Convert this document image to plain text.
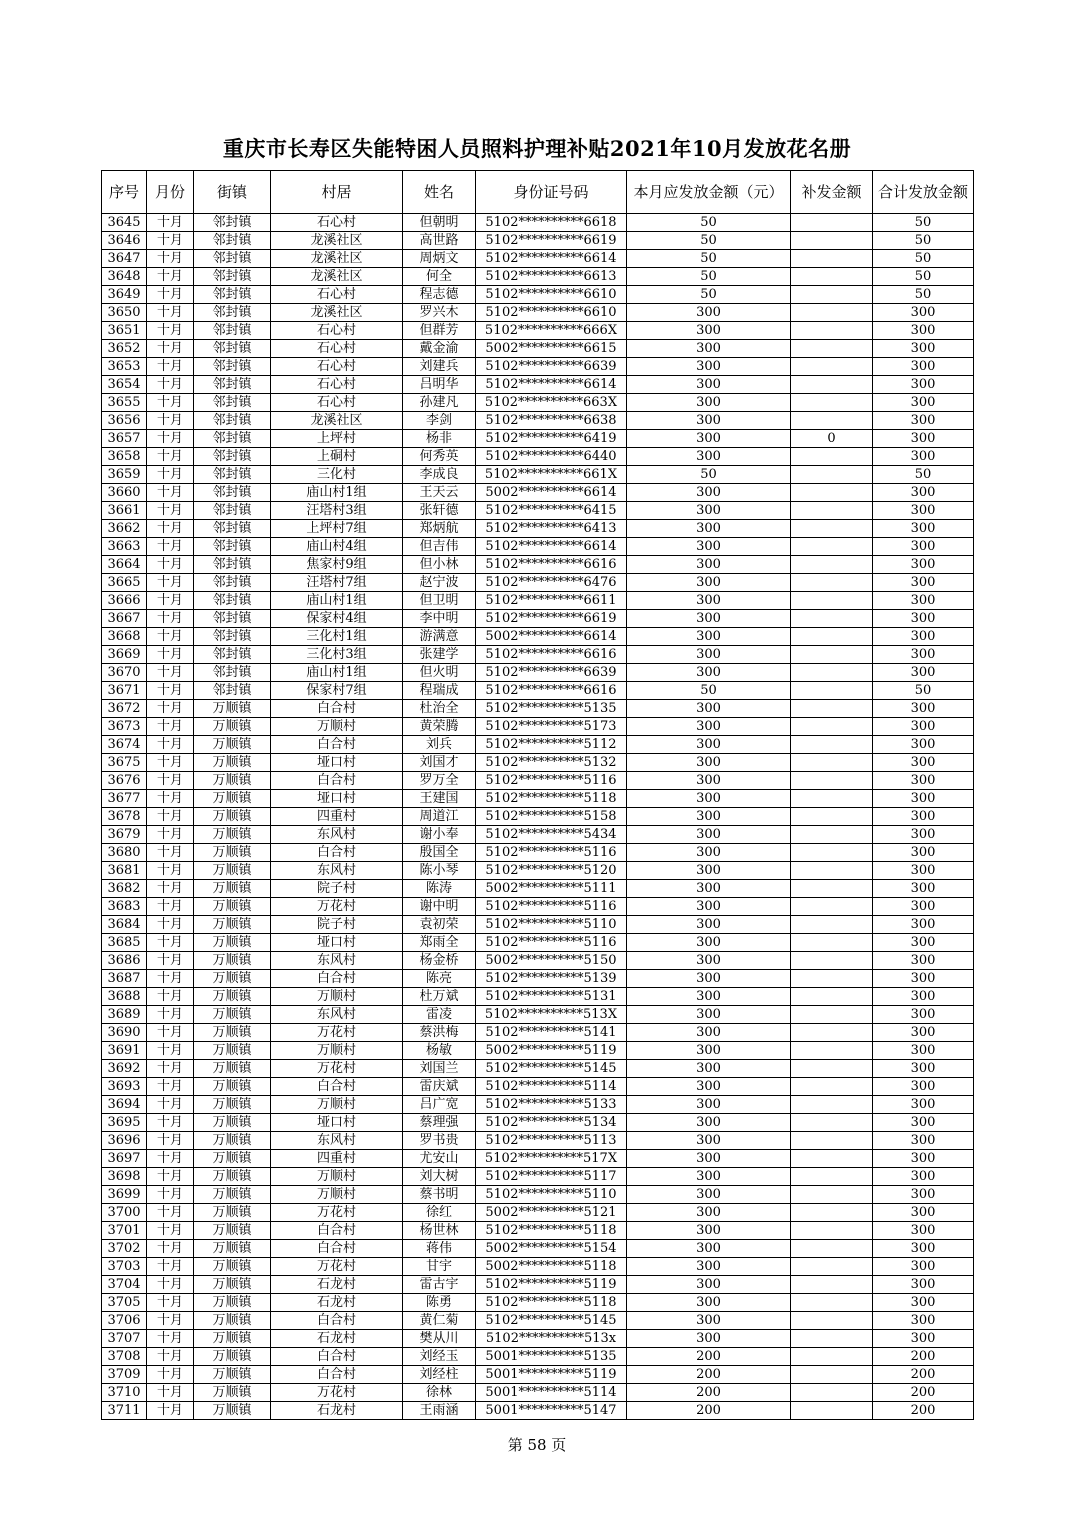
重庆市长寿区失能特困人员照料护理补贴2021年10月发放花名册
序号	月份	街镇	村居	姓名	身份证号码	本月应发放金额（元）	补发金额	合计发放金额
3645	十月	邻封镇	石心村	但朝明	5102**********6618	50		50
3646	十月	邻封镇	龙溪社区	高世路	5102**********6619	50		50
3647	十月	邻封镇	龙溪社区	周炳文	5102**********6614	50		50
3648	十月	邻封镇	龙溪社区	何全	5102**********6613	50		50
3649	十月	邻封镇	石心村	程志德	5102**********6610	50		50
3650	十月	邻封镇	龙溪社区	罗兴木	5102**********6610	300		300
3651	十月	邻封镇	石心村	但群芳	5102**********666X	300		300
3652	十月	邻封镇	石心村	戴金渝	5002**********6615	300		300
3653	十月	邻封镇	石心村	刘建兵	5102**********6639	300		300
3654	十月	邻封镇	石心村	吕明华	5102**********6614	300		300
3655	十月	邻封镇	石心村	孙建凡	5102**********663X	300		300
3656	十月	邻封镇	龙溪社区	李剑	5102**********6638	300		300
3657	十月	邻封镇	上坪村	杨非	5102**********6419	300	0	300
3658	十月	邻封镇	上硐村	何秀英	5102**********6440	300		300
3659	十月	邻封镇	三化村	李成良	5102**********661X	50		50
3660	十月	邻封镇	庙山村1组	王天云	5002**********6614	300		300
3661	十月	邻封镇	汪塔村3组	张轩德	5102**********6415	300		300
3662	十月	邻封镇	上坪村7组	郑炳航	5102**********6413	300		300
3663	十月	邻封镇	庙山村4组	但吉伟	5102**********6614	300		300
3664	十月	邻封镇	焦家村9组	但小林	5102**********6616	300		300
3665	十月	邻封镇	汪塔村7组	赵宁波	5102**********6476	300		300
3666	十月	邻封镇	庙山村1组	但卫明	5102**********6611	300		300
3667	十月	邻封镇	保家村4组	李中明	5102**********6619	300		300
3668	十月	邻封镇	三化村1组	游满意	5002**********6614	300		300
3669	十月	邻封镇	三化村3组	张建学	5102**********6616	300		300
3670	十月	邻封镇	庙山村1组	但火明	5102**********6639	300		300
3671	十月	邻封镇	保家村7组	程瑞成	5102**********6616	50		50
3672	十月	万顺镇	白合村	杜治全	5102**********5135	300		300
3673	十月	万顺镇	万顺村	黄荣腾	5102**********5173	300		300
3674	十月	万顺镇	白合村	刘兵	5102**********5112	300		300
3675	十月	万顺镇	垭口村	刘国才	5102**********5132	300		300
3676	十月	万顺镇	白合村	罗万全	5102**********5116	300		300
3677	十月	万顺镇	垭口村	王建国	5102**********5118	300		300
3678	十月	万顺镇	四重村	周道江	5102**********5158	300		300
3679	十月	万顺镇	东风村	谢小奉	5102**********5434	300		300
3680	十月	万顺镇	白合村	殷国全	5102**********5116	300		300
3681	十月	万顺镇	东风村	陈小琴	5102**********5120	300		300
3682	十月	万顺镇	院子村	陈涛	5002**********5111	300		300
3683	十月	万顺镇	万花村	谢中明	5102**********5116	300		300
3684	十月	万顺镇	院子村	袁初荣	5102**********5110	300		300
3685	十月	万顺镇	垭口村	郑雨全	5102**********5116	300		300
3686	十月	万顺镇	东风村	杨金桥	5002**********5150	300		300
3687	十月	万顺镇	白合村	陈亮	5102**********5139	300		300
3688	十月	万顺镇	万顺村	杜万斌	5102**********5131	300		300
3689	十月	万顺镇	东风村	雷凌	5102**********513X	300		300
3690	十月	万顺镇	万花村	蔡洪梅	5102**********5141	300		300
3691	十月	万顺镇	万顺村	杨敏	5002**********5119	300		300
3692	十月	万顺镇	万花村	刘国兰	5102**********5145	300		300
3693	十月	万顺镇	白合村	雷庆斌	5102**********5114	300		300
3694	十月	万顺镇	万顺村	吕广宽	5102**********5133	300		300
3695	十月	万顺镇	垭口村	蔡理强	5102**********5134	300		300
3696	十月	万顺镇	东风村	罗书贵	5102**********5113	300		300
3697	十月	万顺镇	四重村	尤安山	5102**********517X	300		300
3698	十月	万顺镇	万顺村	刘大树	5102**********5117	300		300
3699	十月	万顺镇	万顺村	蔡书明	5102**********5110	300		300
3700	十月	万顺镇	万花村	徐红	5002**********5121	300		300
3701	十月	万顺镇	白合村	杨世林	5102**********5118	300		300
3702	十月	万顺镇	白合村	蒋伟	5002**********5154	300		300
3703	十月	万顺镇	万花村	甘宇	5002**********5118	300		300
3704	十月	万顺镇	石龙村	雷古宇	5102**********5119	300		300
3705	十月	万顺镇	石龙村	陈勇	5102**********5118	300		300
3706	十月	万顺镇	白合村	黄仁菊	5102**********5145	300		300
3707	十月	万顺镇	石龙村	樊从川	5102**********513x	300		300
3708	十月	万顺镇	白合村	刘经玉	5001**********5135	200		200
3709	十月	万顺镇	白合村	刘经柱	5001**********5119	200		200
3710	十月	万顺镇	万花村	徐林	5001**********5114	200		200
3711	十月	万顺镇	石龙村	王雨涵	5001**********5147	200		200
第 58 页
